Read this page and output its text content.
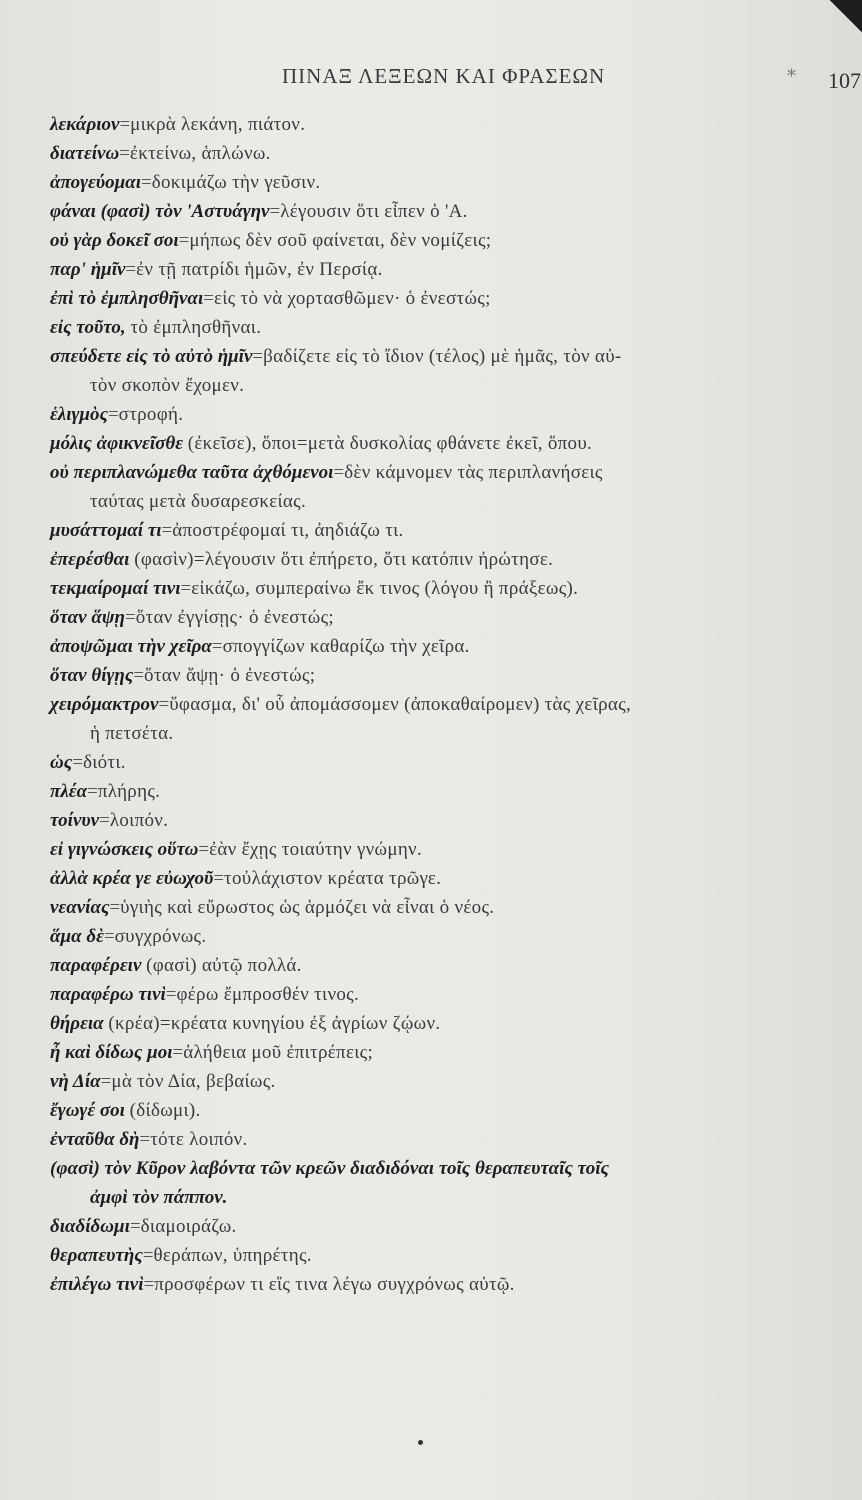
ΠΙΝΑΞ ΛΕΞΕΩΝ ΚΑΙ ΦΡΑΣΕΩΝ	* 107
λεκάριον=μικρὰ λεκάνη, πιάτον.
διατείνω=ἐκτείνω, ἁπλώνω.
ἀπογεύομαι=δοκιμάζω τὴν γεῦσιν.
φάναι (φασὶ) τὸν 'Αστυάγην=λέγουσιν ὅτι εἶπεν ὁ 'Α.
οὐ γὰρ δοκεῖ σοι=μήπως δὲν σοῦ φαίνεται, δὲν νομίζεις;
παρ' ἡμῖν=ἐν τῇ πατρίδι ἡμῶν, ἐν Περσίᾳ.
ἐπὶ τὸ ἐμπλησθῆναι=εἰς τὸ νὰ χορτασθῶμεν· ὁ ἐνεστώς;
εἰς τοῦτο, τὸ ἐμπλησθῆναι.
σπεύδετε εἰς τὸ αὐτὸ ἡμῖν=βαδίζετε εἰς τὸ ἴδιον (τέλος) μὲ ἡμᾶς, τὸν αὐ-
τὸν σκοπὸν ἔχομεν.
ἑλιγμὸς=στροφή.
μόλις ἀφικνεῖσθε (ἐκεῖσε), ὅποι=μετὰ δυσκολίας φθάνετε ἐκεῖ, ὅπου.
οὐ περιπλανώμεθα ταῦτα ἀχθόμενοι=δὲν κάμνομεν τὰς περιπλανήσεις
ταύτας μετὰ δυσαρεσκείας.
μυσάττομαί τι=ἀποστρέφομαί τι, ἀηδιάζω τι.
ἐπερέσθαι (φασὶν)=λέγουσιν ὅτι ἐπήρετο, ὅτι κατόπιν ἠρώτησε.
τεκμαίρομαί τινι=εἰκάζω, συμπεραίνω ἔκ τινος (λόγου ἢ πράξεως).
ὅταν ἅψῃ=ὅταν ἐγγίσῃς· ὁ ἐνεστώς;
ἀποψῶμαι τὴν χεῖρα=σπογγίζων καθαρίζω τὴν χεῖρα.
ὅταν θίγῃς=ὅταν ἅψῃ· ὁ ἐνεστώς;
χειρόμακτρον=ὕφασμα, δι' οὗ ἀπομάσσομεν (ἀποκαθαίρομεν) τὰς χεῖρας,
ἡ πετσέτα.
ὡς=διότι.
πλέα=πλήρης.
τοίνυν=λοιπόν.
εἰ γιγνώσκεις οὕτω=ἐὰν ἔχῃς τοιαύτην γνώμην.
ἀλλὰ κρέα γε εὐωχοῦ=τοὐλάχιστον κρέατα τρῶγε.
νεανίας=ὑγιὴς καὶ εὔρωστος ὡς ἁρμόζει νὰ εἶναι ὁ νέος.
ἅμα δὲ=συγχρόνως.
παραφέρειν (φασὶ) αὐτῷ πολλά.
παραφέρω τινὶ=φέρω ἔμπροσθέν τινος.
θήρεια (κρέα)=κρέατα κυνηγίου ἐξ ἀγρίων ζῴων.
ἦ καὶ δίδως μοι=ἀλήθεια μοῦ ἐπιτρέπεις;
νὴ Δία=μὰ τὸν Δία, βεβαίως.
ἔγωγέ σοι (δίδωμι).
ἐνταῦθα δὴ=τότε λοιπόν.
(φασὶ) τὸν Κῦρον λαβόντα τῶν κρεῶν διαδιδόναι τοῖς θεραπευταῖς τοῖς
ἀμφὶ τὸν πάππον.
διαδίδωμι=διαμοιράζω.
θεραπευτὴς=θεράπων, ὑπηρέτης.
ἐπιλέγω τινὶ=προσφέρων τι εἴς τινα λέγω συγχρόνως αὐτῷ.
